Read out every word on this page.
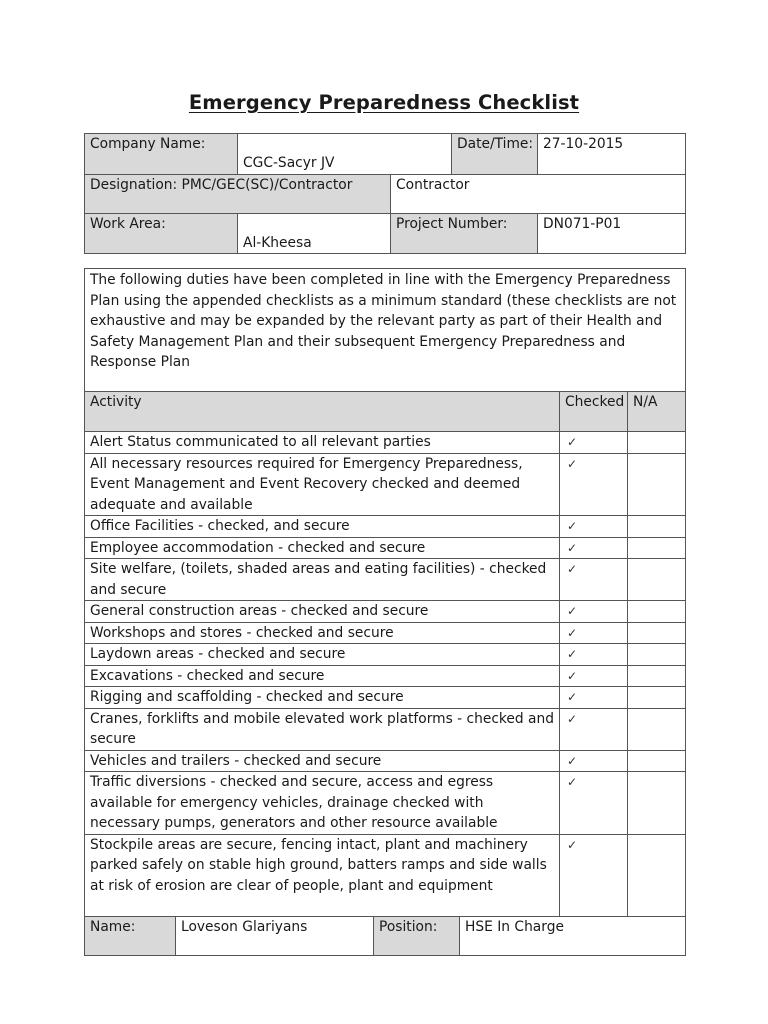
Emergency Preparedness Checklist
Company Name:	CGC-Sacyr JV		Date/Time:	27-10-2015
Designation: PMC/GEC(SC)/Contractor		Contractor		
Work Area:	Al-Kheesa	Project Number:		DN071-P01
The following duties have been completed in line with the Emergency Preparedness Plan using the appended checklists as a minimum standard (these checklists are not exhaustive and may be expanded by the relevant party as part of their Health and Safety Management Plan and their subsequent Emergency Preparedness and Response Plan					
Activity				Checked	N/A
Alert Status communicated to all relevant parties				✓	
All necessary resources required for Emergency Preparedness, Event Management and Event Recovery checked and deemed adequate and available				✓	
Office Facilities - checked, and secure				✓	
Employee accommodation - checked and secure				✓	
Site welfare, (toilets, shaded areas and eating facilities) - checked and secure				✓	
General construction areas - checked and secure				✓	
Workshops and stores - checked and secure				✓	
Laydown areas - checked and secure				✓	
Excavations - checked and secure				✓	
Rigging and scaffolding - checked and secure				✓	
Cranes, forklifts and mobile elevated work platforms - checked and secure				✓	
Vehicles and trailers - checked and secure				✓	
Traffic diversions - checked and secure, access and egress available for emergency vehicles, drainage checked with necessary pumps, generators and other resource available				✓	
Stockpile areas are secure, fencing intact, plant and machinery parked safely on stable high ground, batters ramps and side walls at risk of erosion are clear of people, plant and equipment				✓	
Name:	Loveson Glariyans	Position:	HSE In Charge		
